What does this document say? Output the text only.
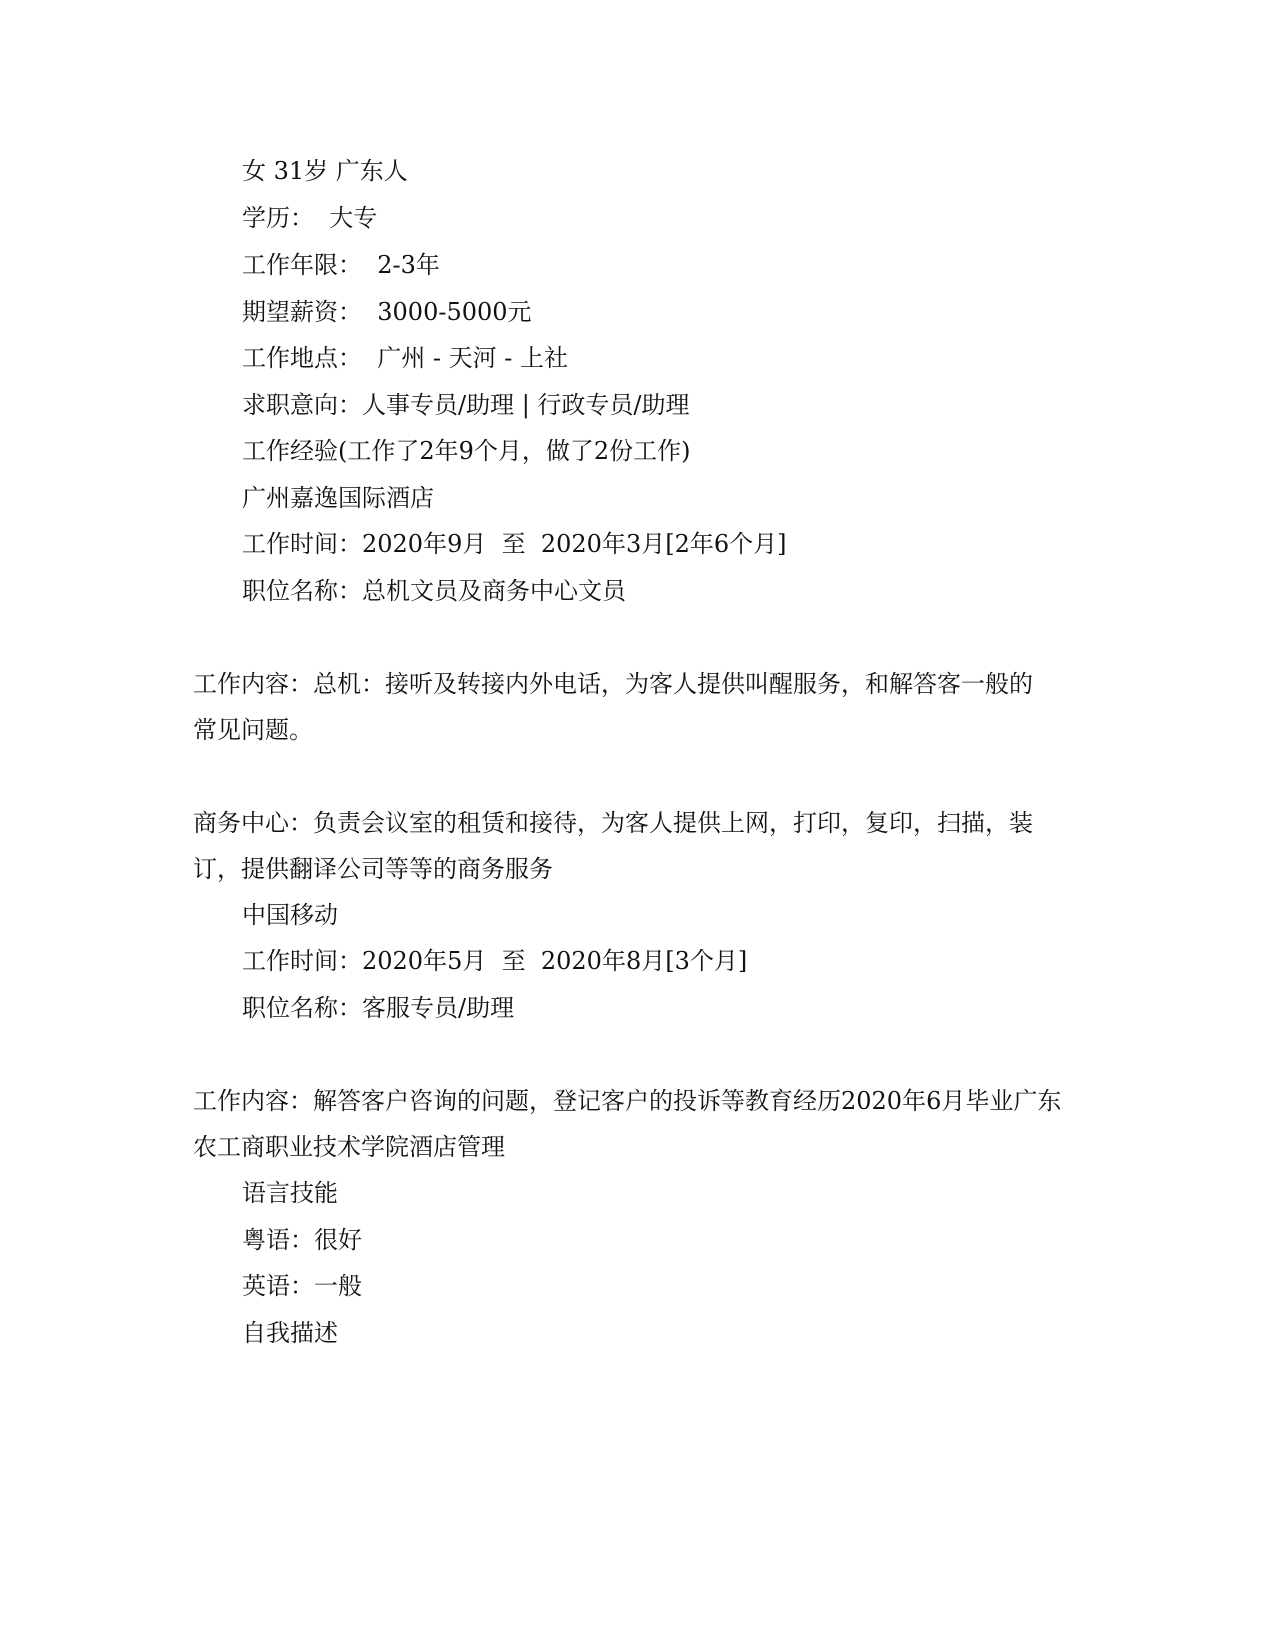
女 31岁 广东人
学历：  大专
工作年限：  2-3年
期望薪资：  3000-5000元
工作地点：  广州 - 天河 - 上社
求职意向：人事专员/助理 | 行政专员/助理
工作经验(工作了2年9个月，做了2份工作)
广州嘉逸国际酒店
工作时间：2020年9月  至  2020年3月[2年6个月]
职位名称：总机文员及商务中心文员
工作内容：总机：接听及转接内外电话，为客人提供叫醒服务，和解答客一般的
常见问题。
商务中心：负责会议室的租赁和接待，为客人提供上网，打印，复印，扫描，装
订，提供翻译公司等等的商务服务
中国移动
工作时间：2020年5月  至  2020年8月[3个月]
职位名称：客服专员/助理
工作内容：解答客户咨询的问题，登记客户的投诉等教育经历2020年6月毕业广东
农工商职业技术学院酒店管理
语言技能
粤语：很好
英语：一般
自我描述
